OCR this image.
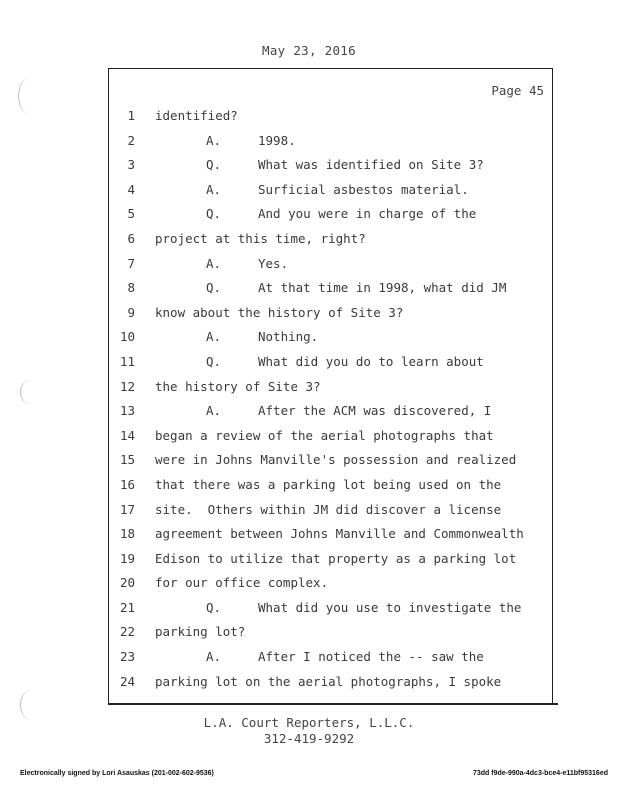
May 23, 2016
Page 45
1 identified?
2	A.	1998.
3	Q.	What was identified on Site 3?
4	A.	Surficial asbestos material.
5	Q.	And you were in charge of the
6 project at this time, right?
7	A.	Yes.
8	Q.	At that time in 1998, what did JM
9 know about the history of Site 3?
10	A.	Nothing.
11	Q.	What did you do to learn about
12 the history of Site 3?
13	A.	After the ACM was discovered, I
14 began a review of the aerial photographs that
15 were in Johns Manville's possession and realized
16 that there was a parking lot being used on the
17 site.  Others within JM did discover a license
18 agreement between Johns Manville and Commonwealth
19 Edison to utilize that property as a parking lot
20 for our office complex.
21	Q.	What did you use to investigate the
22 parking lot?
23	A.	After I noticed the -- saw the
24 parking lot on the aerial photographs, I spoke
L.A. Court Reporters, L.L.C.
312-419-9292
Electronically signed by Lori Asauskas (201-002-602-9536)	73dd f9de-990a-4dc3-bce4-e11bf95316ed
